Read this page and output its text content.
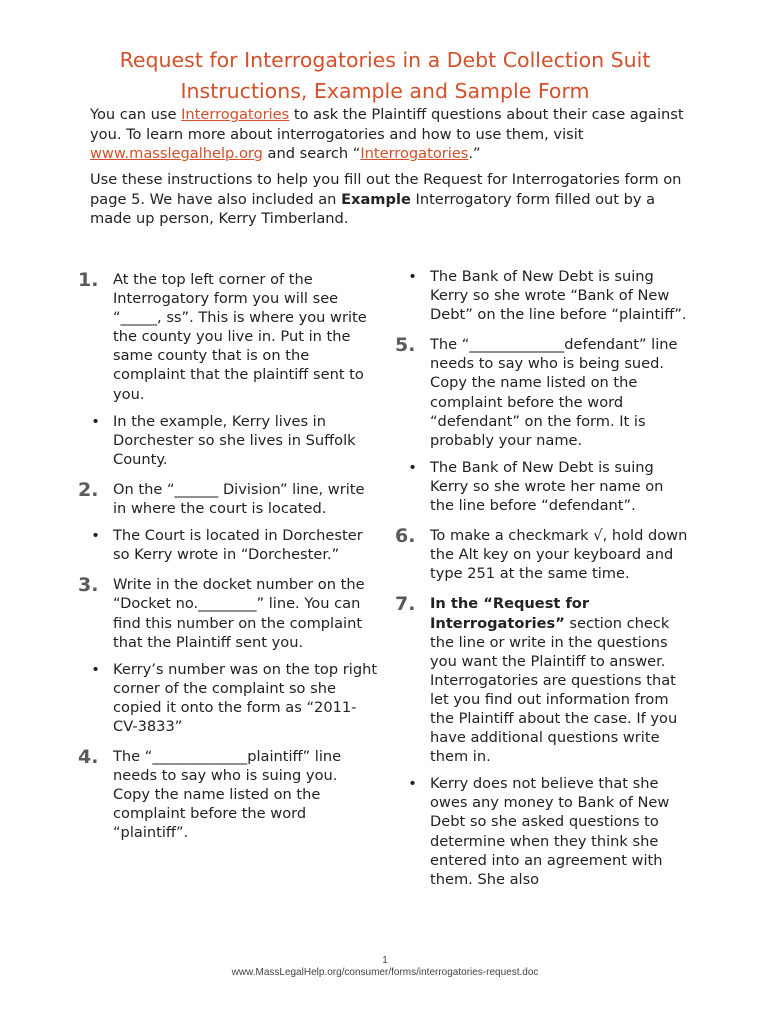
Request for Interrogatories in a Debt Collection Suit
Instructions, Example and Sample Form
You can use Interrogatories to ask the Plaintiff questions about their case against you. To learn more about interrogatories and how to use them, visit www.masslegalhelp.org and search “Interrogatories.”
Use these instructions to help you fill out the Request for Interrogatories form on page 5. We have also included an Example Interrogatory form filled out by a made up person, Kerry Timberland.
1. At the top left corner of the Interrogatory form you will see “_____, ss”. This is where you write the county you live in. Put in the same county that is on the complaint that the plaintiff sent to you.
• In the example, Kerry lives in Dorchester so she lives in Suffolk County.
2. On the “______ Division” line, write in where the court is located.
• The Court is located in Dorchester so Kerry wrote in “Dorchester.”
3. Write in the docket number on the “Docket no.________” line. You can find this number on the complaint that the Plaintiff sent you.
• Kerry’s number was on the top right corner of the complaint so she copied it onto the form as “2011-CV-3833”
4. The “_____________plaintiff” line needs to say who is suing you. Copy the name listed on the complaint before the word “plaintiff”.
• The Bank of New Debt is suing Kerry so she wrote “Bank of New Debt” on the line before “plaintiff”.
5. The “_____________defendant” line needs to say who is being sued. Copy the name listed on the complaint before the word “defendant” on the form. It is probably your name.
• The Bank of New Debt is suing Kerry so she wrote her name on the line before “defendant”.
6. To make a checkmark √, hold down the Alt key on your keyboard and type 251 at the same time.
7. In the “Request for Interrogatories” section check the line or write in the questions you want the Plaintiff to answer. Interrogatories are questions that let you find out information from the Plaintiff about the case. If you have additional questions write them in.
• Kerry does not believe that she owes any money to Bank of New Debt so she asked questions to determine when they think she entered into an agreement with them. She also
1
www.MassLegalHelp.org/consumer/forms/interrogatories-request.doc
